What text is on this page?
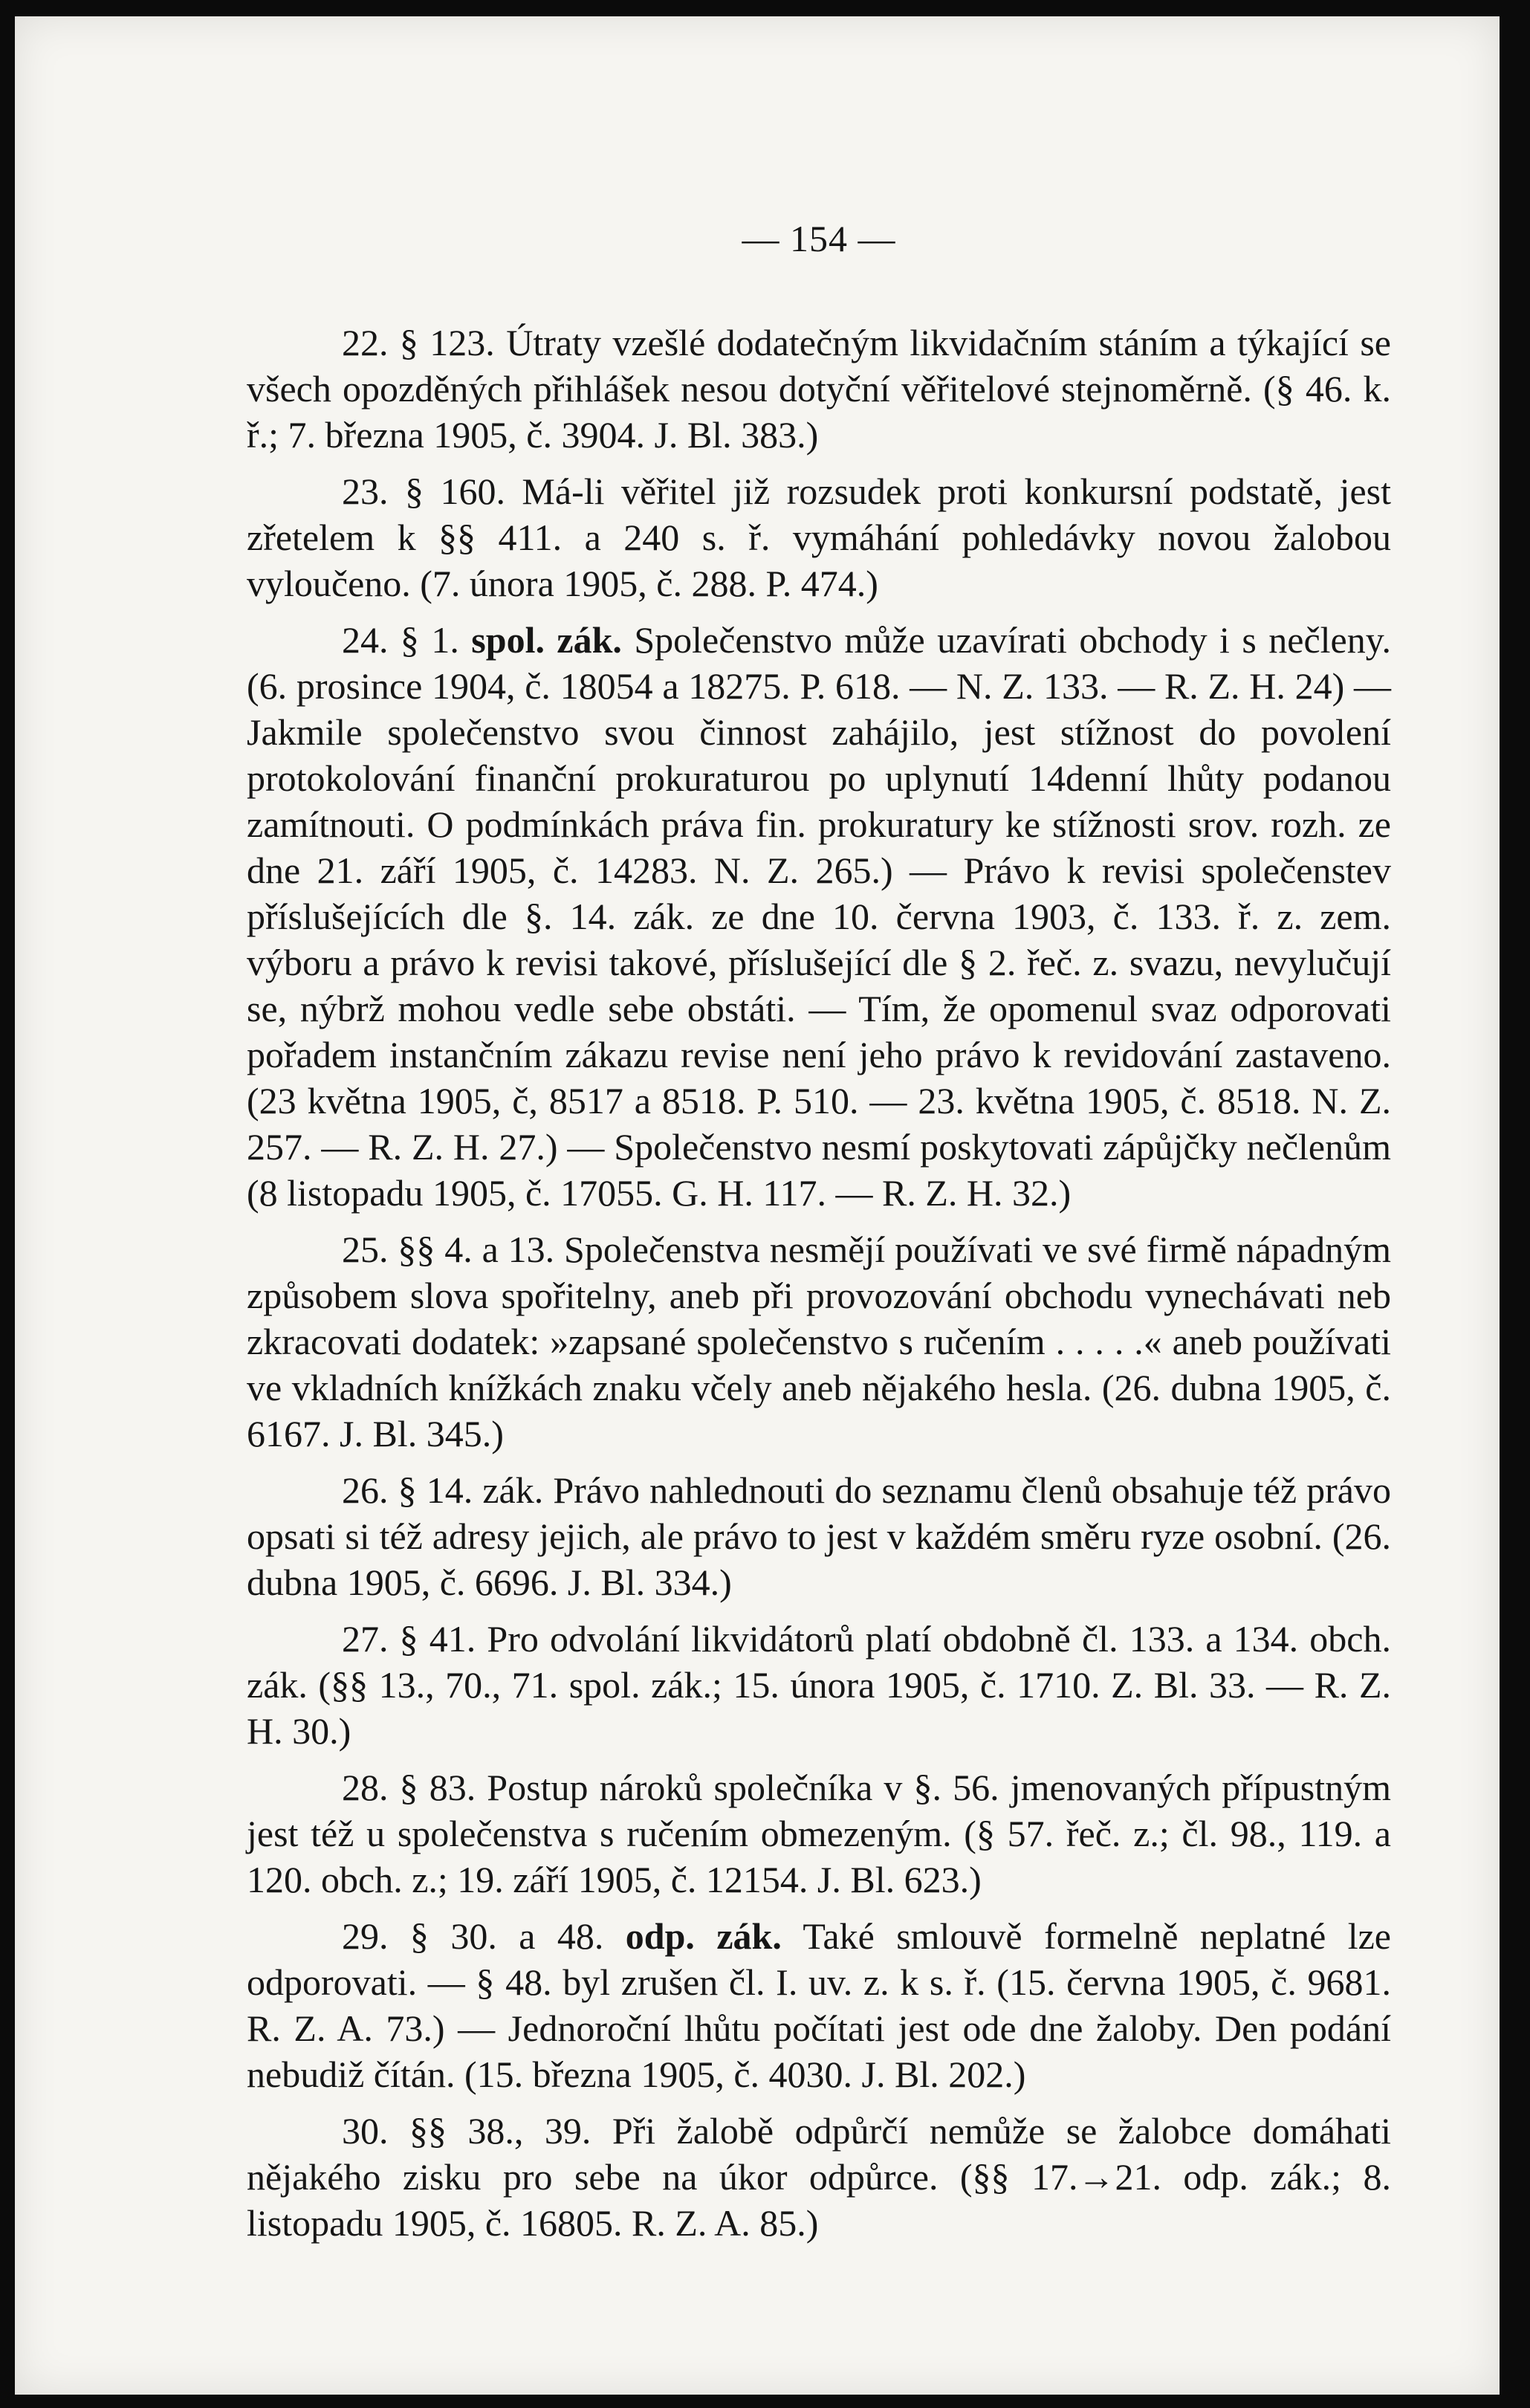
— 154 —

22. § 123. Útraty vzešlé dodatečným likvidačním stáním a týkající se všech opozděných přihlášek nesou dotyční věřitelové stejnoměrně. (§ 46. k. ř.; 7. března 1905, č. 3904. J. Bl. 383.)

23. § 160. Má-li věřitel již rozsudek proti konkursní podstatě, jest zřetelem k §§ 411. a 240 s. ř. vymáhání pohledávky novou žalobou vyloučeno. (7. února 1905, č. 288. P. 474.)

24. § 1. spol. zák. Společenstvo může uzavírati obchody i s nečleny. (6. prosince 1904, č. 18054 a 18275. P. 618. — N. Z. 133. — R. Z. H. 24) — Jakmile společenstvo svou činnost zahájilo, jest stížnost do povolení protokolování finanční prokuraturou po uplynutí 14denní lhůty podanou zamítnouti. O podmínkách práva fin. prokuratury ke stížnosti srov. rozh. ze dne 21. září 1905, č. 14283. N. Z. 265.) — Právo k revisi společenstev příslušejících dle §. 14. zák. ze dne 10. června 1903, č. 133. ř. z. zem. výboru a právo k revisi takové, příslušející dle § 2. řeč. z. svazu, nevylučují se, nýbrž mohou vedle sebe obstáti. — Tím, že opomenul svaz odporovati pořadem instančním zákazu revise není jeho právo k revidování zastaveno. (23 května 1905, č, 8517 a 8518. P. 510. — 23. května 1905, č. 8518. N. Z. 257. — R. Z. H. 27.) — Společenstvo nesmí poskytovati zápůjčky nečlenům (8 listopadu 1905, č. 17055. G. H. 117. — R. Z. H. 32.)

25. §§ 4. a 13. Společenstva nesmějí používati ve své firmě nápadným způsobem slova spořitelny, aneb při provozování obchodu vynechávati neb zkracovati dodatek: »zapsané společenstvo s ručením . . . . .« aneb používati ve vkladních knížkách znaku včely aneb nějakého hesla. (26. dubna 1905, č. 6167. J. Bl. 345.)

26. § 14. zák. Právo nahlednouti do seznamu členů obsahuje též právo opsati si též adresy jejich, ale právo to jest v každém směru ryze osobní. (26. dubna 1905, č. 6696. J. Bl. 334.)

27. § 41. Pro odvolání likvidátorů platí obdobně čl. 133. a 134. obch. zák. (§§ 13., 70., 71. spol. zák.; 15. února 1905, č. 1710. Z. Bl. 33. — R. Z. H. 30.)

28. § 83. Postup nároků společníka v §. 56. jmenovaných přípustným jest též u společenstva s ručením obmezeným. (§ 57. řeč. z.; čl. 98., 119. a 120. obch. z.; 19. září 1905, č. 12154. J. Bl. 623.)

29. § 30. a 48. odp. zák. Také smlouvě formelně neplatné lze odporovati. — § 48. byl zrušen čl. I. uv. z. k s. ř. (15. června 1905, č. 9681. R. Z. A. 73.) — Jednoroční lhůtu počítati jest ode dne žaloby. Den podání nebudiž čítán. (15. března 1905, č. 4030. J. Bl. 202.)

30. §§ 38., 39. Při žalobě odpůrčí nemůže se žalobce domáhati nějakého zisku pro sebe na úkor odpůrce. (§§ 17.→21. odp. zák.; 8. listopadu 1905, č. 16805. R. Z. A. 85.)
